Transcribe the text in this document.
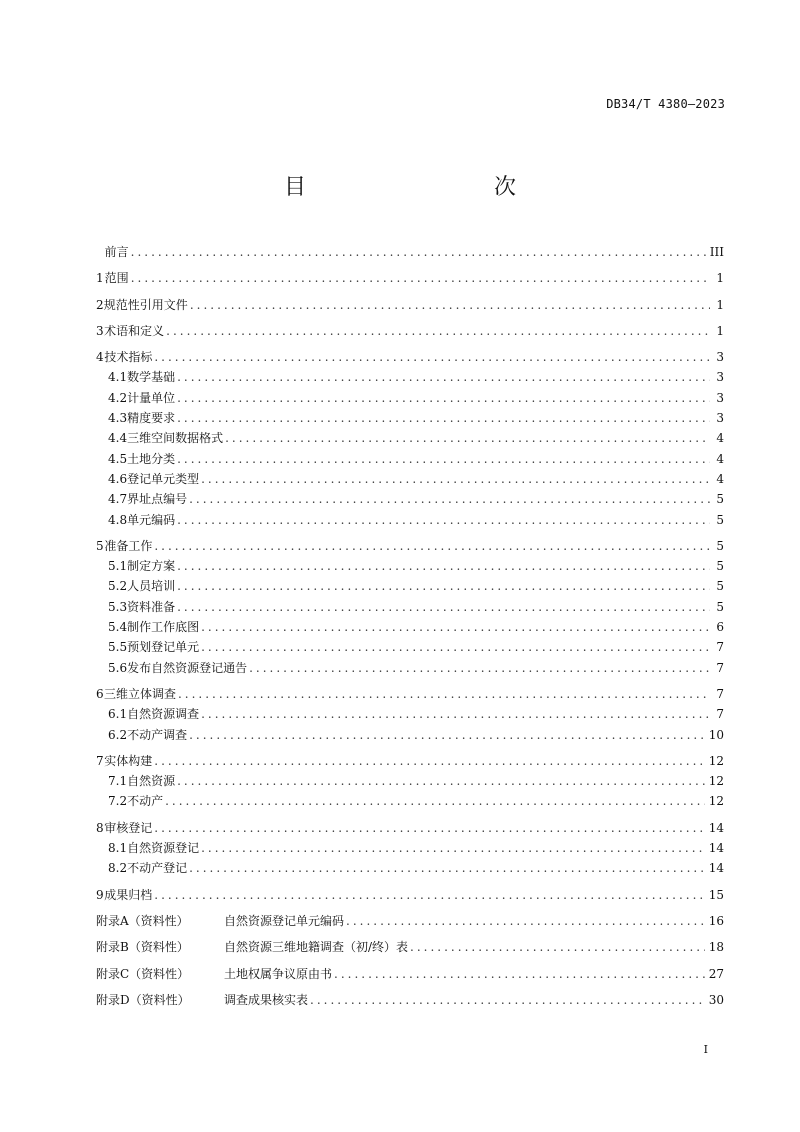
DB34/T 4380—2023
目　　次
前言 .....	III
1 范围 .....	1
2 规范性引用文件 .....	1
3 术语和定义 .....	1
4 技术指标 .....	3
4.1 数学基础 .....	3
4.2 计量单位 .....	3
4.3 精度要求 .....	3
4.4 三维空间数据格式 .....	4
4.5 土地分类 .....	4
4.6 登记单元类型 .....	4
4.7 界址点编号 .....	5
4.8 单元编码 .....	5
5 准备工作 .....	5
5.1 制定方案 .....	5
5.2 人员培训 .....	5
5.3 资料准备 .....	5
5.4 制作工作底图 .....	6
5.5 预划登记单元 .....	7
5.6 发布自然资源登记通告 .....	7
6 三维立体调查 .....	7
6.1 自然资源调查 .....	7
6.2 不动产调查 .....	10
7 实体构建 .....	12
7.1 自然资源 .....	12
7.2 不动产 .....	12
8 审核登记 .....	14
8.1 自然资源登记 .....	14
8.2 不动产登记 .....	14
9 成果归档 .....	15
附录A（资料性）	自然资源登记单元编码 .....	16
附录B（资料性）	自然资源三维地籍调查（初/终）表 .....	18
附录C（资料性）	土地权属争议原由书 .....	27
附录D（资料性）	调查成果核实表 .....	30
I
